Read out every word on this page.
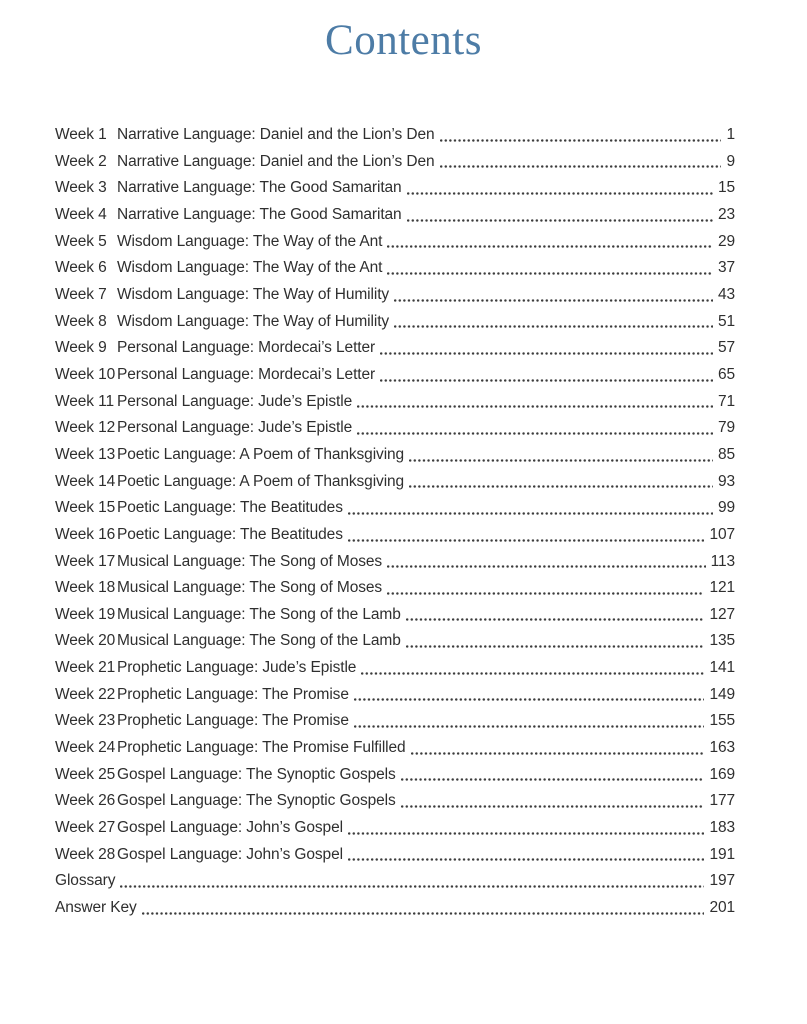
Contents
Week 1 Narrative Language: Daniel and the Lion’s Den	1
Week 2 Narrative Language: Daniel and the Lion’s Den	9
Week 3 Narrative Language: The Good Samaritan	15
Week 4 Narrative Language: The Good Samaritan	23
Week 5 Wisdom Language: The Way of the Ant	29
Week 6 Wisdom Language: The Way of the Ant	37
Week 7 Wisdom Language: The Way of Humility	43
Week 8 Wisdom Language: The Way of Humility	51
Week 9 Personal Language: Mordecai’s Letter	57
Week 10 Personal Language: Mordecai’s Letter	65
Week 11 Personal Language: Jude’s Epistle	71
Week 12 Personal Language: Jude’s Epistle	79
Week 13 Poetic Language: A Poem of Thanksgiving	85
Week 14 Poetic Language: A Poem of Thanksgiving	93
Week 15 Poetic Language: The Beatitudes	99
Week 16 Poetic Language: The Beatitudes	107
Week 17 Musical Language: The Song of Moses	113
Week 18 Musical Language: The Song of Moses	121
Week 19 Musical Language: The Song of the Lamb	127
Week 20 Musical Language: The Song of the Lamb	135
Week 21 Prophetic Language: Jude’s Epistle	141
Week 22 Prophetic Language: The Promise	149
Week 23 Prophetic Language: The Promise	155
Week 24 Prophetic Language: The Promise Fulfilled	163
Week 25 Gospel Language: The Synoptic Gospels	169
Week 26 Gospel Language: The Synoptic Gospels	177
Week 27 Gospel Language: John’s Gospel	183
Week 28 Gospel Language: John’s Gospel	191
Glossary	197
Answer Key	201
